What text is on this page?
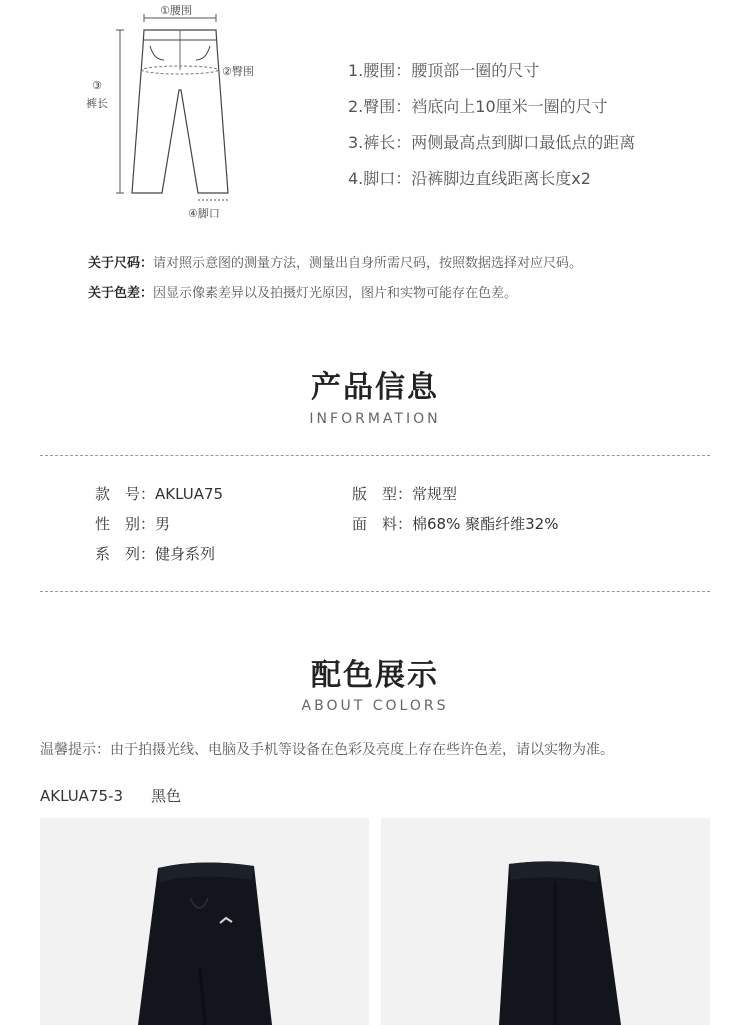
①腰围
②臀围
③
裤长
④脚口
1.腰围：腰顶部一圈的尺寸
2.臀围：裆底向上10厘米一圈的尺寸
3.裤长：两侧最高点到脚口最低点的距离
4.脚口：沿裤脚边直线距离长度x2
关于尺码：请对照示意图的测量方法，测量出自身所需尺码，按照数据选择对应尺码。
关于色差：因显示像素差异以及拍摄灯光原因，图片和实物可能存在色差。
产品信息
INFORMATION
款　号：AKLUA75	版　型：常规型
性　别：男	面　料：棉68% 聚酯纤维32%
系　列：健身系列
配色展示
ABOUT COLORS
温馨提示：由于拍摄光线、电脑及手机等设备在色彩及亮度上存在些许色差，请以实物为准。
AKLUA75-3 黑色
